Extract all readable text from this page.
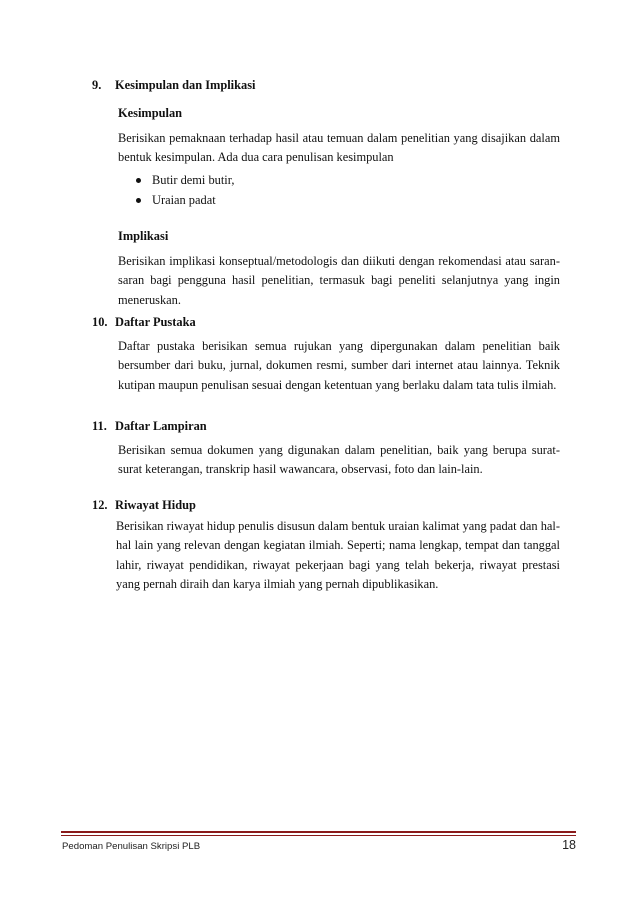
9. Kesimpulan dan Implikasi
Kesimpulan

Berisikan pemaknaan terhadap hasil atau temuan dalam penelitian yang disajikan dalam bentuk kesimpulan. Ada dua cara penulisan kesimpulan

Butir demi butir,
Uraian padat
Implikasi

Berisikan implikasi konseptual/metodologis dan diikuti dengan rekomendasi atau saran-saran bagi pengguna hasil penelitian, termasuk bagi peneliti selanjutnya yang ingin meneruskan.

10. Daftar Pustaka

Daftar pustaka berisikan semua rujukan yang dipergunakan dalam penelitian baik bersumber dari buku, jurnal, dokumen resmi, sumber dari internet atau lainnya. Teknik kutipan maupun penulisan sesuai dengan ketentuan yang berlaku dalam tata tulis ilmiah.

11. Daftar Lampiran

Berisikan semua dokumen yang digunakan dalam penelitian, baik yang berupa surat-surat keterangan, transkrip hasil wawancara, observasi, foto dan lain-lain.

12. Riwayat Hidup

Berisikan riwayat hidup penulis disusun dalam bentuk uraian kalimat yang padat dan hal-hal lain yang relevan dengan kegiatan ilmiah. Seperti; nama lengkap, tempat dan tanggal lahir, riwayat pendidikan, riwayat pekerjaan bagi yang telah bekerja, riwayat prestasi yang pernah diraih dan karya ilmiah yang pernah dipublikasikan.

Pedoman Penulisan Skripsi PLB	18
